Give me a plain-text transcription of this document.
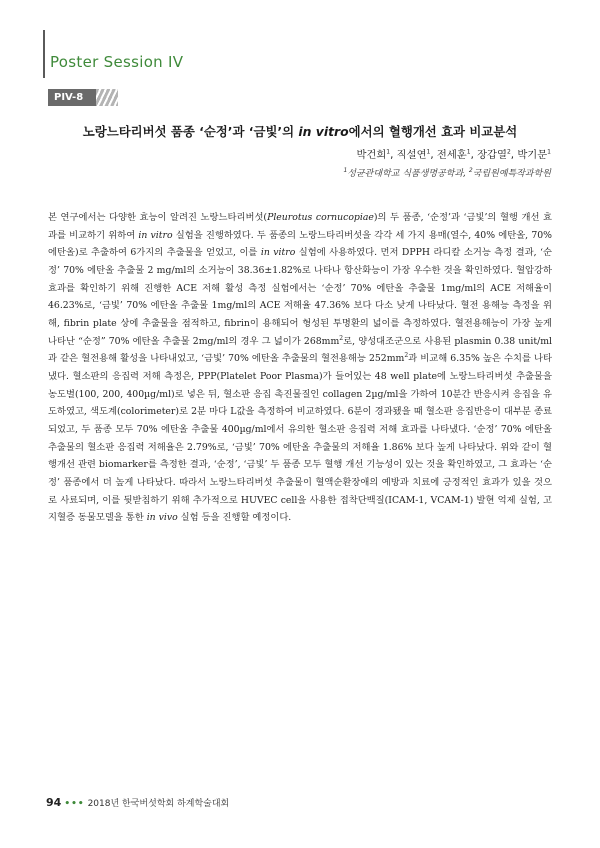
Poster Session IV
PIV-8
노랑느타리버섯 품종 ‘순정’과 ‘금빛’의 in vitro에서의 혈행개선 효과 비교분석
박건희$^1$, 직설연$^1$, 전세훈$^1$, 장갑열$^2$, 박기문$^1$
$^1$성균관대학교 식품생명공학과, $^2$국립원예특작과학원

본 연구에서는 다양한 효능이 알려진 노랑느타리버섯(Pleurotus cornucopiae)의 두 품종, ‘순정’과 ‘금빛’의 혈행 개선 효과를 비교하기 위하여 in vitro 실험을 진행하였다. 두 품종의 노랑느타리버섯을 각각 세 가지 용매(열수, 40% 에탄올, 70% 에탄올)로 추출하여 6가지의 추출물을 얻었고, 이를 in vitro 실험에 사용하였다. 먼저 DPPH 라디칼 소거능 측정 결과, ‘순정’ 70% 에탄올 추출물 2 mg/ml의 소거능이 38.36±1.82%로 나타나 항산화능이 가장 우수한 것을 확인하였다. 혈압강하효과를 확인하기 위해 진행한 ACE 저해 활성 측정 실험에서는 ‘순정’ 70% 에탄올 추출물 1mg/ml의 ACE 저해율이 46.23%로, ‘금빛’ 70% 에탄올 추출물 1mg/ml의 ACE 저해율 47.36% 보다 다소 낮게 나타났다. 혈전 용해능 측정을 위해, fibrin plate 상에 추출물을 점적하고, fibrin이 용해되어 형성된 투명환의 넓이를 측정하였다. 혈전용해능이 가장 높게 나타난 “순정” 70% 에탄올 추출물 2mg/ml의 경우 그 넓이가 $268mm^2$로, 양성대조군으로 사용된 plasmin 0.38 unit/ml과 같은 혈전용해 활성을 나타내었고, ‘금빛’ 70% 에탄올 추출물의 혈전용해능 $252mm^2$과 비교해 6.35% 높은 수치를 나타냈다. 혈소판의 응집력 저해 측정은, PPP(Platelet Poor Plasma)가 들어있는 48 well plate에 노랑느타리버섯 추출물을 농도별(100, 200, 400µg/ml)로 넣은 뒤, 혈소판 응집 촉진물질인 collagen 2µg/ml을 가하여 10분간 반응시켜 응집을 유도하였고, 색도계(colorimeter)로 2분 마다 L값을 측정하여 비교하였다. 6분이 경과됐을 때 혈소판 응집반응이 대부분 종료되었고, 두 품종 모두 70% 에탄올 추출물 400µg/ml에서 유의한 혈소판 응집력 저해 효과를 나타냈다. ‘순정’ 70% 에탄올 추출물의 혈소판 응집력 저해율은 2.79%로, ‘금빛’ 70% 에탄올 추출물의 저해율 1.86% 보다 높게 나타났다. 위와 같이 혈행개선 관련 biomarker를 측정한 결과, ‘순정’, ‘금빛’ 두 품종 모두 혈행 개선 기능성이 있는 것을 확인하였고, 그 효과는 ‘순정’ 품종에서 더 높게 나타났다. 따라서 노랑느타리버섯 추출물이 혈액순환장애의 예방과 치료에 긍정적인 효과가 있을 것으로 사료되며, 이를 뒷받침하기 위해 추가적으로 HUVEC cell을 사용한 접착단백질(ICAM-1, VCAM-1) 발현 억제 실험, 고지혈증 동물모델을 통한 in vivo 실험 등을 진행할 예정이다.

94 ••• 2018년 한국버섯학회 하계학술대회
